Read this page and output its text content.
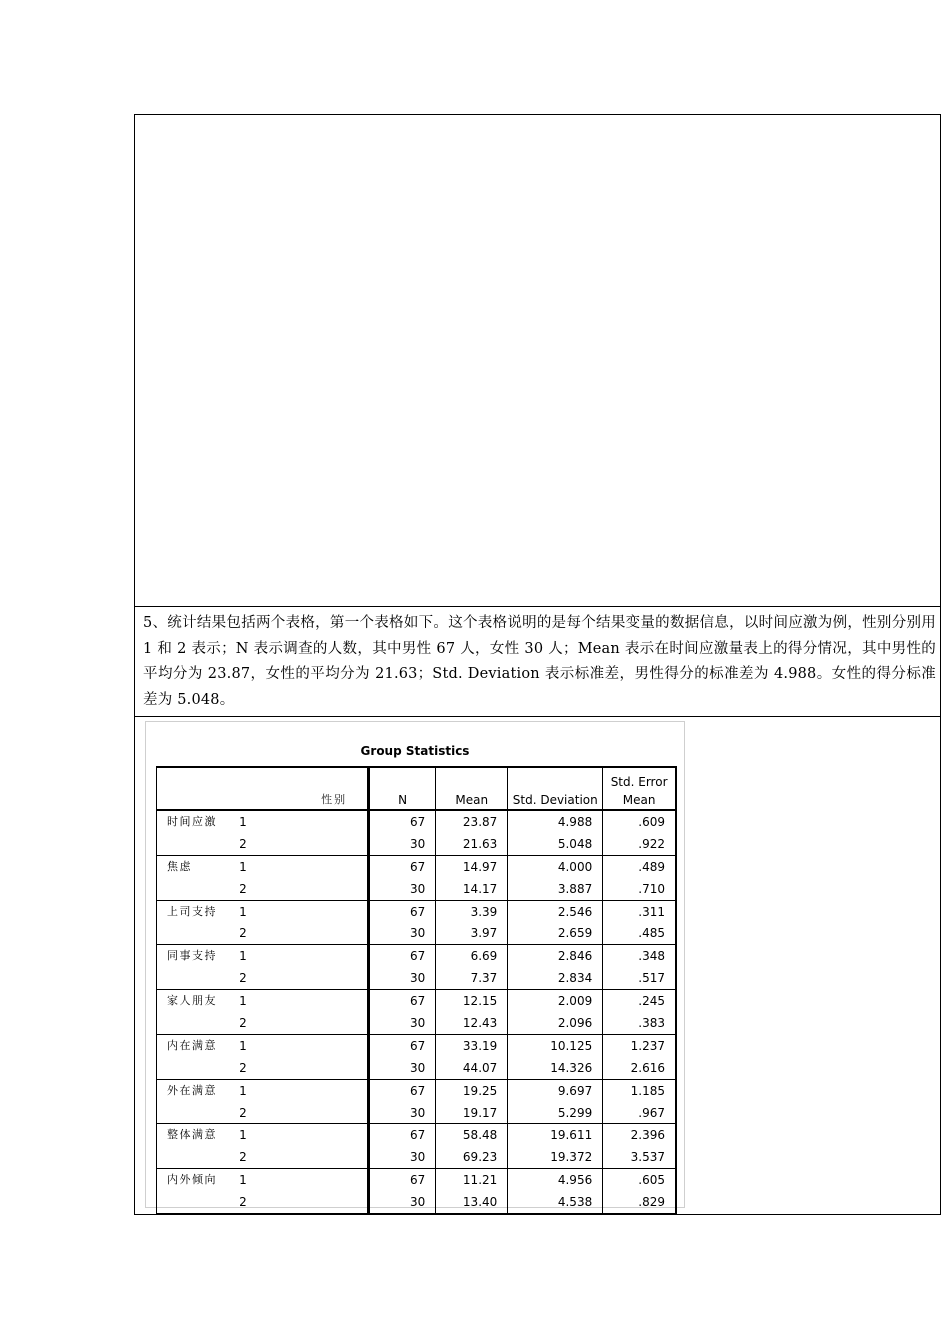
5、统计结果包括两个表格，第一个表格如下。这个表格说明的是每个结果变量的数据信息，以时间应激为例，性别分别用 1 和 2 表示；N 表示调查的人数，其中男性 67 人，女性 30 人；Mean 表示在时间应激量表上的得分情况，其中男性的平均分为 23.87，女性的平均分为 21.63；Std. Deviation 表示标准差，男性得分的标准差为 4.988。女性的得分标准差为 5.048。

Group Statistics
	性别	N	Mean	Std. Deviation	Std. Error
Mean

时间应激	1	67	23.87	4.988	.609
	2	30	21.63	5.048	.922
焦虑	1	67	14.97	4.000	.489
	2	30	14.17	3.887	.710
上司支持	1	67	3.39	2.546	.311
	2	30	3.97	2.659	.485
同事支持	1	67	6.69	2.846	.348
	2	30	7.37	2.834	.517
家人朋友	1	67	12.15	2.009	.245
	2	30	12.43	2.096	.383
内在满意	1	67	33.19	10.125	1.237
	2	30	44.07	14.326	2.616
外在满意	1	67	19.25	9.697	1.185
	2	30	19.17	5.299	.967
整体满意	1	67	58.48	19.611	2.396
	2	30	69.23	19.372	3.537
内外倾向	1	67	11.21	4.956	.605
	2	30	13.40	4.538	.829
